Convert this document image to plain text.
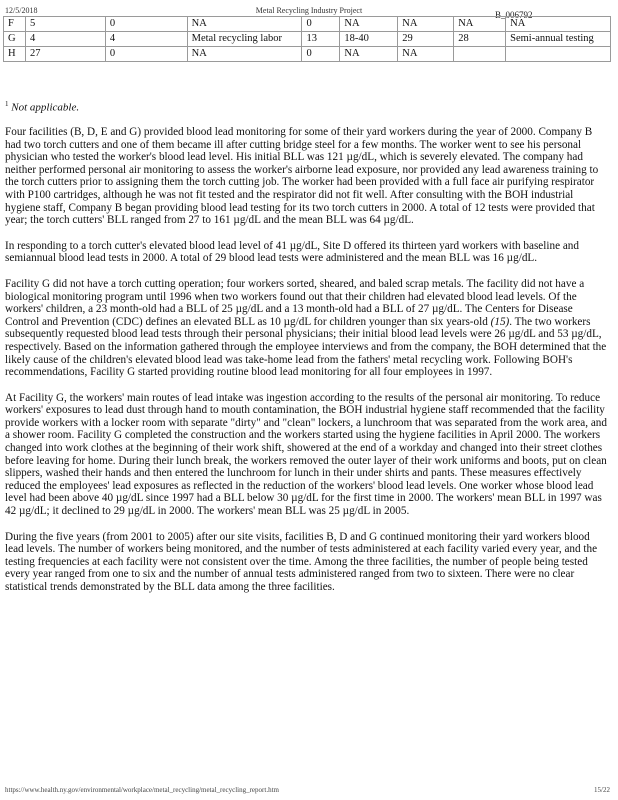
12/5/2018	Metal Recycling Industry Project	B_006792
F	5	0	NA	0	NA	NA	NA	NA
G	4	4	Metal recycling labor	13	18-40	29	28	Semi-annual testing
H	27	0	NA	0	NA	NA		
$^1$ Not applicable.

Four facilities (B, D, E and G) provided blood lead monitoring for some of their yard workers during the year of 2000. Company B had two torch cutters and one of them became ill after cutting bridge steel for a few months. The worker went to see his personal physician who tested the worker's blood lead level. His initial BLL was 121 µg/dL, which is severely elevated. The company had neither performed personal air monitoring to assess the worker's airborne lead exposure, nor provided any lead awareness training to the torch cutters prior to assigning them the torch cutting job. The worker had been provided with a full face air purifying respirator with P100 cartridges, although he was not fit tested and the respirator did not fit well. After consulting with the BOH industrial hygiene staff, Company B began providing blood lead testing for its two torch cutters in 2000. A total of 12 tests were provided that year; the torch cutters' BLL ranged from 27 to 161 µg/dL and the mean BLL was 64 µg/dL.

In responding to a torch cutter's elevated blood lead level of 41 µg/dL, Site D offered its thirteen yard workers with baseline and semiannual blood lead tests in 2000. A total of 29 blood lead tests were administered and the mean BLL was 16 µg/dL.

Facility G did not have a torch cutting operation; four workers sorted, sheared, and baled scrap metals. The facility did not have a biological monitoring program until 1996 when two workers found out that their children had elevated blood lead levels. Of the workers' children, a 23 month-old had a BLL of 25 µg/dL and a 13 month-old had a BLL of 27 µg/dL. The Centers for Disease Control and Prevention (CDC) defines an elevated BLL as 10 µg/dL for children younger than six years-old (15). The two workers subsequently requested blood lead tests through their personal physicians; their initial blood lead levels were 26 µg/dL and 53 µg/dL, respectively. Based on the information gathered through the employee interviews and from the company, the BOH determined that the likely cause of the children's elevated blood lead was take-home lead from the fathers' metal recycling work. Following BOH's recommendations, Facility G started providing routine blood lead monitoring for all four employees in 1997.

At Facility G, the workers' main routes of lead intake was ingestion according to the results of the personal air monitoring. To reduce workers' exposures to lead dust through hand to mouth contamination, the BOH industrial hygiene staff recommended that the facility provide workers with a locker room with separate "dirty" and "clean" lockers, a lunchroom that was separated from the work area, and a shower room. Facility G completed the construction and the workers started using the hygiene facilities in April 2000. The workers changed into work clothes at the beginning of their work shift, showered at the end of a workday and changed into their street clothes before leaving for home. During their lunch break, the workers removed the outer layer of their work uniforms and boots, put on clean slippers, washed their hands and then entered the lunchroom for lunch in their under shirts and pants. These measures effectively reduced the employees' lead exposures as reflected in the reduction of the workers' blood lead levels. One worker whose blood lead level had been above 40 µg/dL since 1997 had a BLL below 30 µg/dL for the first time in 2000. The workers' mean BLL in 1997 was 42 µg/dL; it declined to 29 µg/dL in 2000. The workers' mean BLL was 25 µg/dL in 2005.

During the five years (from 2001 to 2005) after our site visits, facilities B, D and G continued monitoring their yard workers blood lead levels. The number of workers being monitored, and the number of tests administered at each facility varied every year, and the testing frequencies at each facility were not consistent over the time. Among the three facilities, the number of people being tested every year ranged from one to six and the number of annual tests administered ranged from two to sixteen. There were no clear statistical trends demonstrated by the BLL data among the three facilities.

https://www.health.ny.gov/environmental/workplace/metal_recycling/metal_recycling_report.htm	15/22
